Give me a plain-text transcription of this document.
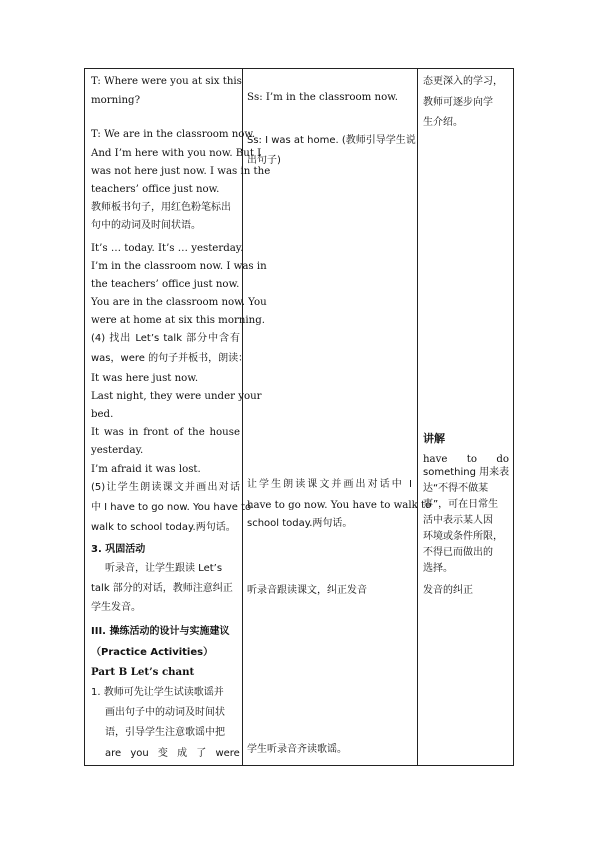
T: Where were you at six this
morning?
T: We are in the classroom now.
And I’m here with you now. But I
was not here just now. I was in the
teachers’ office just now.
教师板书句子，用红色粉笔标出
句中的动词及时间状语。
It’s … today. It’s … yesterday.
I’m in the classroom now. I was in
the teachers’ office just now.
You are in the classroom now. You
were at home at six this morning.
(4) 找出 Let’s talk 部分中含有
was，were 的句子并板书，朗读：
It was here just now.
Last night, they were under your
bed.
It was in front of the house
yesterday.
I’m afraid it was lost.
(5)让学生朗读课文并画出对话
中 I have to go now. You have to
walk to school today.两句话。
3. 巩固活动
听录音，让学生跟读 Let’s
talk 部分的对话，教师注意纠正
学生发音。
III. 操练活动的设计与实施建议
（Practice Activities）
Part B Let’s chant
1. 教师可先让学生试读歌谣并
画出句子中的动词及时间状
语，引导学生注意歌谣中把
are you 变 成 了 were
Ss: I’m in the classroom now.
Ss: I was at home. (教师引导学生说
出句子)
让学生朗读课文并画出对话中 I
have to go now. You have to walk to
school today.两句话。
听录音跟读课文，纠正发音
学生听录音齐读歌谣。
态更深入的学习，
教师可逐步向学
生介绍。
讲解
have to do
something 用来表
达“不得不做某
事”，可在日常生
活中表示某人因
环境或条件所限，
不得已而做出的
选择。
发音的纠正
